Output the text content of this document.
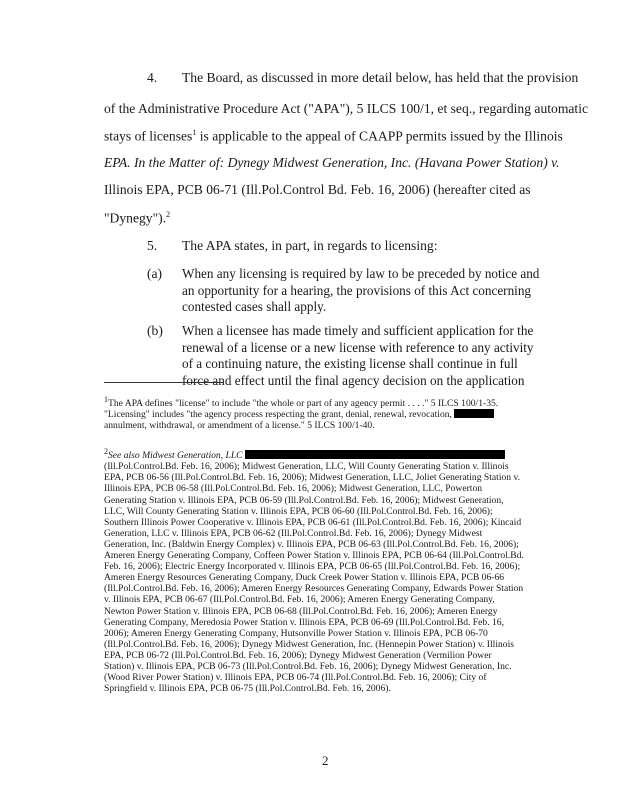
4. The Board, as discussed in more detail below, has held that the provision
of the Administrative Procedure Act ("APA"), 5 ILCS 100/1, et seq., regarding automatic
stays of licenses$^1$ is applicable to the appeal of CAAPP permits issued by the Illinois
EPA. In the Matter of: Dynegy Midwest Generation, Inc. (Havana Power Station) v.
Illinois EPA, PCB 06-71 (Ill.Pol.Control Bd. Feb. 16, 2006) (hereafter cited as
"Dynegy").$^2$
5. The APA states, in part, in regards to licensing:
(a) When any licensing is required by law to be preceded by notice and an opportunity for a hearing, the provisions of this Act concerning contested cases shall apply.
(b) When a licensee has made timely and sufficient application for the renewal of a license or a new license with reference to any activity of a continuing nature, the existing license shall continue in full force and effect until the final agency decision on the application
$^1$The APA defines "license" to include "the whole or part of any agency permit . . . ." 5 ILCS 100/1-35. "Licensing" includes "the agency process respecting the grant, denial, renewal, revocation,  annulment, withdrawal, or amendment of a license." 5 ILCS 100/1-40.
$^2$See also Midwest Generation, LLC  (Ill.Pol.Control.Bd. Feb. 16, 2006); Midwest Generation, LLC, Will County Generating Station v. Illinois EPA, PCB 06-56 (Ill.Pol.Control.Bd. Feb. 16, 2006); Midwest Generation, LLC, Joliet Generating Station v. Illinois EPA, PCB 06-58 (Ill.Pol.Control.Bd. Feb. 16, 2006); Midwest Generation, LLC, Powerton Generating Station v. Illinois EPA, PCB 06-59 (Ill.Pol.Control.Bd. Feb. 16, 2006); Midwest Generation, LLC, Will County Generating Station v. Illinois EPA, PCB 06-60 (Ill.Pol.Control.Bd. Feb. 16, 2006); Southern Illinois Power Cooperative v. Illinois EPA, PCB 06-61 (Ill.Pol.Control.Bd. Feb. 16, 2006); Kincaid Generation, LLC v. Illinois EPA, PCB 06-62 (Ill.Pol.Control.Bd. Feb. 16, 2006); Dynegy Midwest Generation, Inc. (Baldwin Energy Complex) v. Illinois EPA, PCB 06-63 (Ill.Pol.Control.Bd. Feb. 16, 2006); Ameren Energy Generating Company, Coffeen Power Station v. Illinois EPA, PCB 06-64 (Ill.Pol.Control.Bd. Feb. 16, 2006); Electric Energy Incorporated v. Illinois EPA, PCB 06-65 (Ill.Pol.Control.Bd. Feb. 16, 2006); Ameren Energy Resources Generating Company, Duck Creek Power Station v. Illinois EPA, PCB 06-66 (Ill.Pol.Control.Bd. Feb. 16, 2006); Ameren Energy Resources Generating Company, Edwards Power Station v. Illinois EPA, PCB 06-67 (Ill.Pol.Control.Bd. Feb. 16, 2006); Ameren Energy Generating Company, Newton Power Station v. Illinois EPA, PCB 06-68 (Ill.Pol.Control.Bd. Feb. 16, 2006); Ameren Energy Generating Company, Meredosia Power Station v. Illinois EPA, PCB 06-69 (Ill.Pol.Control.Bd. Feb. 16, 2006); Ameren Energy Generating Company, Hutsonville Power Station v. Illinois EPA, PCB 06-70 (Ill.Pol.Control.Bd. Feb. 16, 2006); Dynegy Midwest Generation, Inc. (Hennepin Power Station) v. Illinois EPA, PCB 06-72 (Ill.Pol.Control.Bd. Feb. 16, 2006); Dynegy Midwest Generation (Vermilion Power Station) v. Illinois EPA, PCB 06-73 (Ill.Pol.Control.Bd. Feb. 16, 2006); Dynegy Midwest Generation, Inc. (Wood River Power Station) v. Illinois EPA, PCB 06-74 (Ill.Pol.Control.Bd. Feb. 16, 2006); City of Springfield v. Illinois EPA, PCB 06-75 (Ill.Pol.Control.Bd. Feb. 16, 2006).
2
